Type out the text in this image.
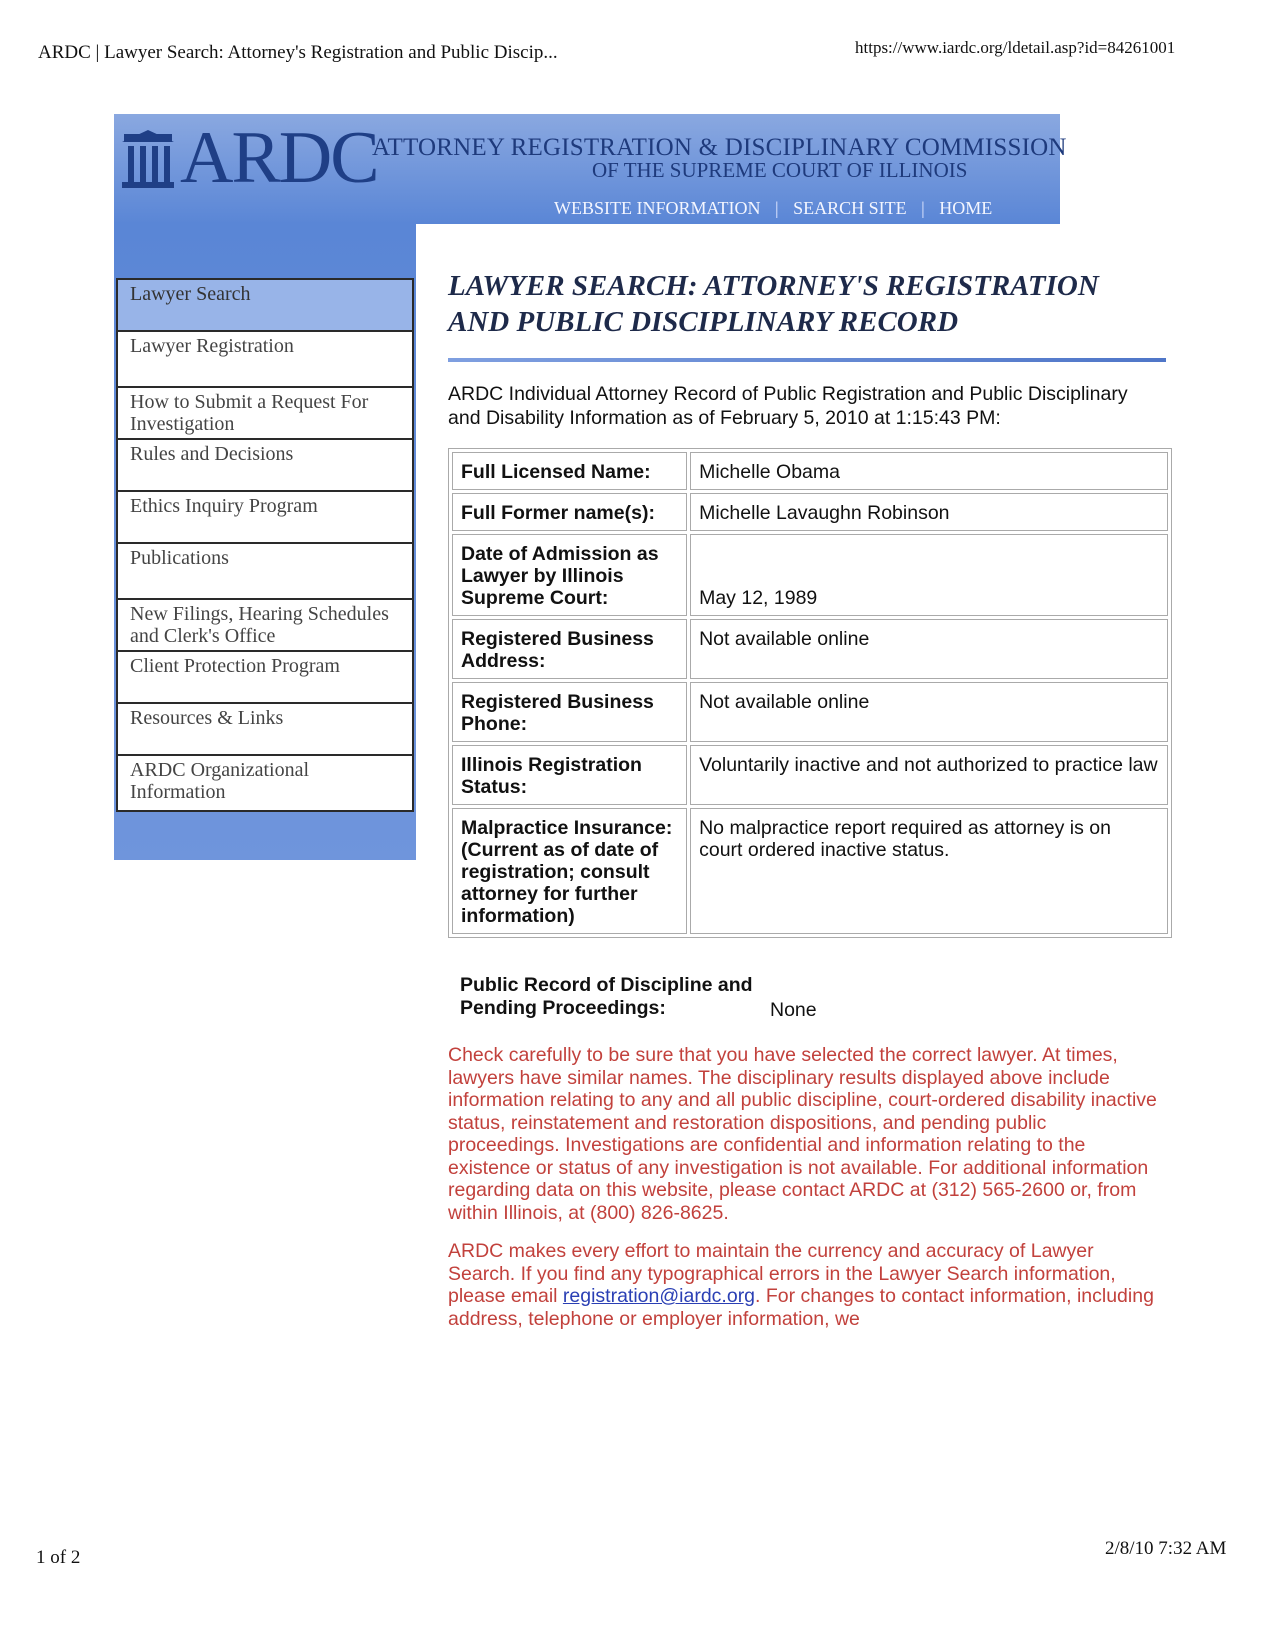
ARDC | Lawyer Search: Attorney's Registration and Public Discip...	https://www.iardc.org/ldetail.asp?id=84261001
1 of 2	2/8/10 7:32 AM
ARDC
ATTORNEY REGISTRATION & DISCIPLINARY COMMISSION
OF THE SUPREME COURT OF ILLINOIS
WEBSITE INFORMATION | SEARCH SITE | HOME
Lawyer Search
Lawyer Registration
How to Submit a Request For Investigation
Rules and Decisions
Ethics Inquiry Program
Publications
New Filings, Hearing Schedules and Clerk's Office
Client Protection Program
Resources & Links
ARDC Organizational Information
LAWYER SEARCH: ATTORNEY'S REGISTRATION
AND PUBLIC DISCIPLINARY RECORD
ARDC Individual Attorney Record of Public Registration and Public Disciplinary and Disability Information as of February 5, 2010 at 1:15:43 PM:
Full Licensed Name:	Michelle Obama
Full Former name(s):	Michelle Lavaughn Robinson
Date of Admission as Lawyer by Illinois Supreme Court:	May 12, 1989
Registered Business Address:	Not available online
Registered Business Phone:	Not available online
Illinois Registration Status:	Voluntarily inactive and not authorized to practice law
Malpractice Insurance: (Current as of date of registration; consult attorney for further information)	No malpractice report required as attorney is on court ordered inactive status.
Public Record of Discipline and Pending Proceedings:	None
Check carefully to be sure that you have selected the correct lawyer. At times, lawyers have similar names. The disciplinary results displayed above include information relating to any and all public discipline, court-ordered disability inactive status, reinstatement and restoration dispositions, and pending public proceedings. Investigations are confidential and information relating to the existence or status of any investigation is not available. For additional information regarding data on this website, please contact ARDC at (312) 565-2600 or, from within Illinois, at (800) 826-8625.
ARDC makes every effort to maintain the currency and accuracy of Lawyer Search. If you find any typographical errors in the Lawyer Search information, please email registration@iardc.org. For changes to contact information, including address, telephone or employer information, we
